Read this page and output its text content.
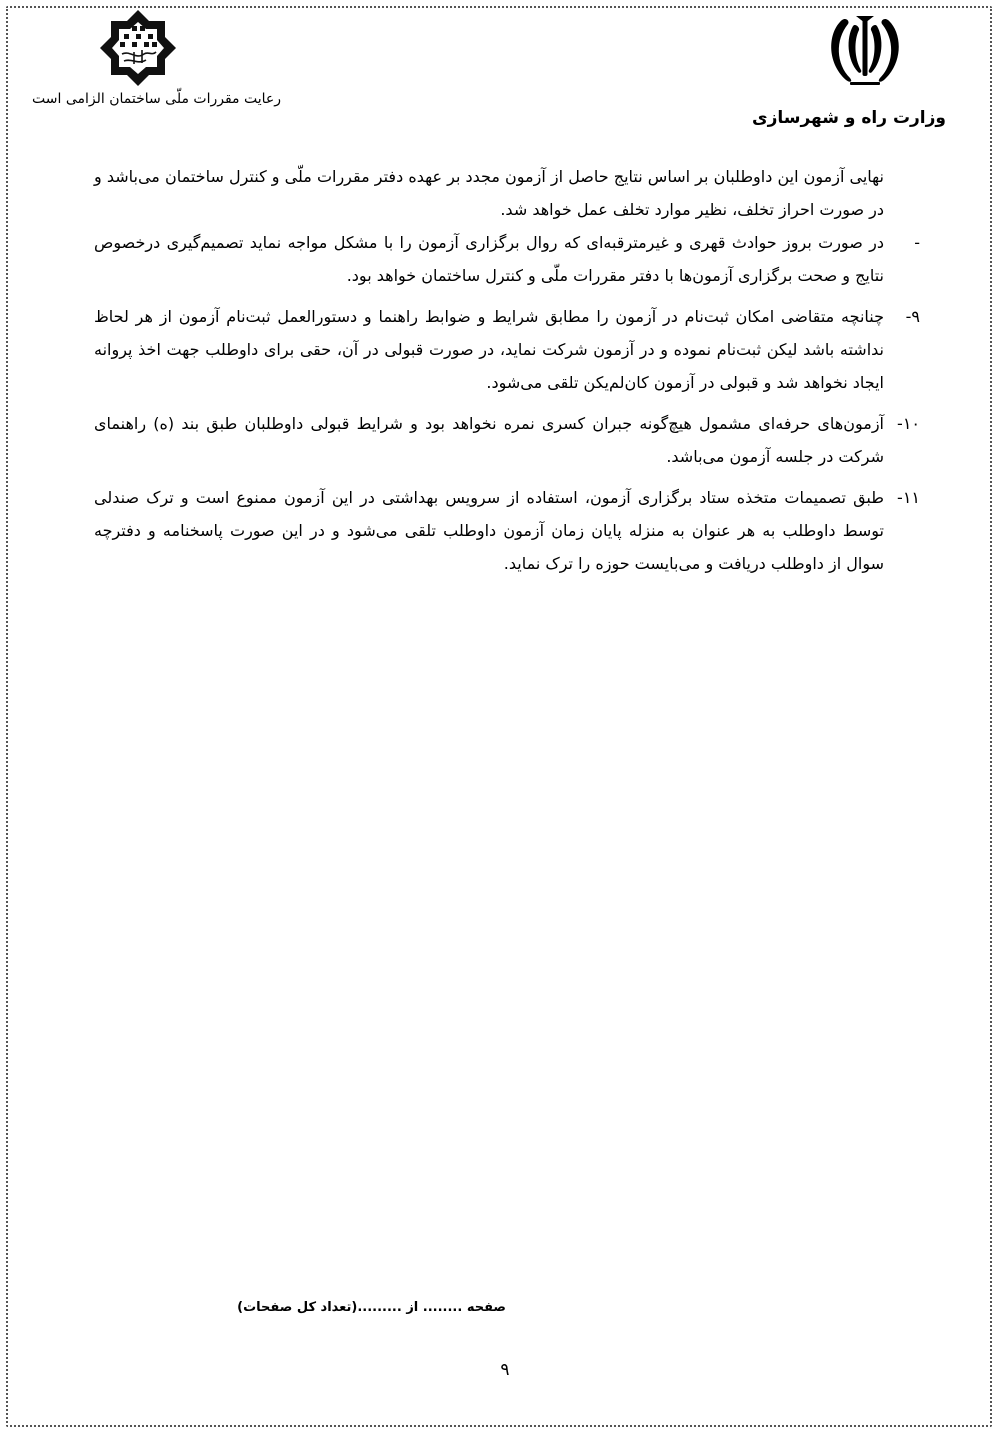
رعایت مقررات ملّی ساختمان الزامی است
وزارت راه و شهرسازی

نهایی آزمون این داوطلبان بر اساس نتایج حاصل از آزمون مجدد بر عهده دفتر مقررات ملّی و کنترل ساختمان می‌باشد و در صورت احراز تخلف، نظیر موارد تخلف عمل خواهد شد.

-

در صورت بروز حوادث قهری و غیرمترقبه‌ای که روال برگزاری آزمون را با مشکل مواجه نماید تصمیم‌گیری درخصوص نتایج و صحت برگزاری آزمون‌ها با دفتر مقررات ملّی و کنترل ساختمان خواهد بود.

۹-

چنانچه متقاضی امکان ثبت‌نام در آزمون را مطابق شرایط و ضوابط راهنما و دستورالعمل ثبت‌نام آزمون از هر لحاظ نداشته باشد لیکن ثبت‌نام نموده و در آزمون شرکت نماید، در صورت قبولی در آن، حقی برای داوطلب جهت اخذ پروانه ایجاد نخواهد شد و قبولی در آزمون کان‌لم‌یکن تلقی می‌شود.

۱۰-

آزمون‌های حرفه‌ای مشمول هیچ‌گونه جبران کسری نمره نخواهد بود و شرایط قبولی داوطلبان طبق بند (ه) راهنمای شرکت در جلسه آزمون می‌باشد.

۱۱-

طبق تصمیمات متخذه ستاد برگزاری آزمون، استفاده از سرویس بهداشتی در این آزمون ممنوع است و ترک صندلی توسط داوطلب به هر عنوان به منزله پایان زمان آزمون داوطلب تلقی می‌شود و در این صورت پاسخنامه و دفترچه سوال از داوطلب دریافت و می‌بایست حوزه را ترک نماید.

صفحه ........ از .........(تعداد کل صفحات)
۹
